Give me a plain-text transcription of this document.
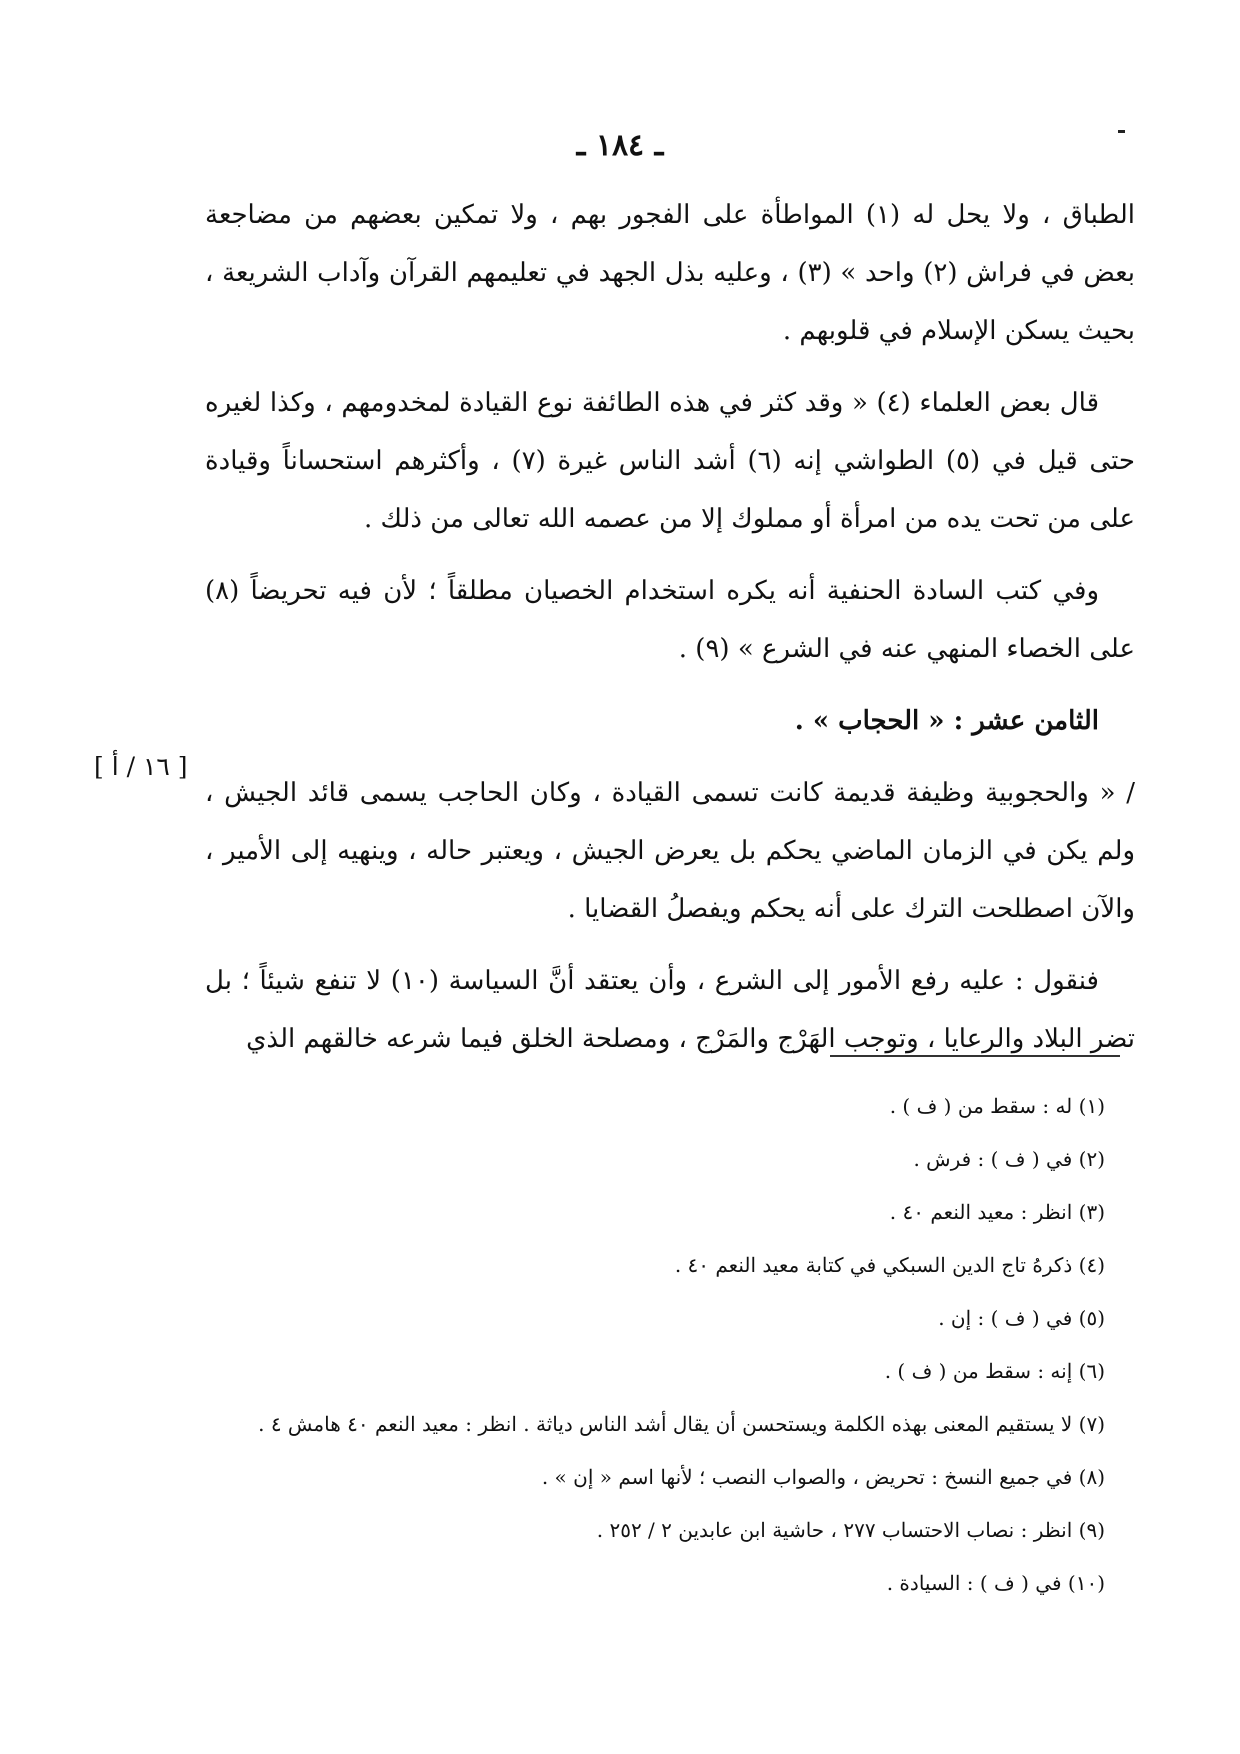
ـ ١٨٤ ـ
[ ١٦ / أ ]

الطباق ، ولا يحل له (١) المواطأة على الفجور بهم ، ولا تمكين بعضهم من مضاجعة بعض في فراش (٢) واحد » (٣) ، وعليه بذل الجهد في تعليمهم القرآن وآداب الشريعة ، بحيث يسكن الإسلام في قلوبهم .

قال بعض العلماء (٤) « وقد كثر في هذه الطائفة نوع القيادة لمخدومهم ، وكذا لغيره حتى قيل في (٥) الطواشي إنه (٦) أشد الناس غيرة (٧) ، وأكثرهم استحساناً وقيادة على من تحت يده من امرأة أو مملوك إلا من عصمه الله تعالى من ذلك .

وفي كتب السادة الحنفية أنه يكره استخدام الخصيان مطلقاً ؛ لأن فيه تحريضاً (٨) على الخصاء المنهي عنه في الشرع » (٩) .

الثامن عشر : « الحجاب » .

/ « والحجوبية وظيفة قديمة كانت تسمى القيادة ، وكان الحاجب يسمى قائد الجيش ، ولم يكن في الزمان الماضي يحكم بل يعرض الجيش ، ويعتبر حاله ، وينهيه إلى الأمير ، والآن اصطلحت الترك على أنه يحكم ويفصلُ القضايا .

فنقول : عليه رفع الأمور إلى الشرع ، وأن يعتقد أنَّ السياسة (١٠) لا تنفع شيئاً ؛ بل تضر البلاد والرعايا ، وتوجب الهَرْج والمَرْج ، ومصلحة الخلق فيما شرعه خالقهم الذي

(١) له : سقط من ( ف ) .

(٢) في ( ف ) : فرش .

(٣) انظر : معيد النعم ٤٠ .

(٤) ذكرهُ تاج الدين السبكي في كتابة معيد النعم ٤٠ .

(٥) في ( ف ) : إن .

(٦) إنه : سقط من ( ف ) .

(٧) لا يستقيم المعنى بهذه الكلمة ويستحسن أن يقال أشد الناس دياثة . انظر : معيد النعم ٤٠ هامش ٤ .

(٨) في جميع النسخ : تحريض ، والصواب النصب ؛ لأنها اسم « إن » .

(٩) انظر : نصاب الاحتساب ٢٧٧ ، حاشية ابن عابدين ٢ / ٢٥٢ .

(١٠) في ( ف ) : السيادة .
